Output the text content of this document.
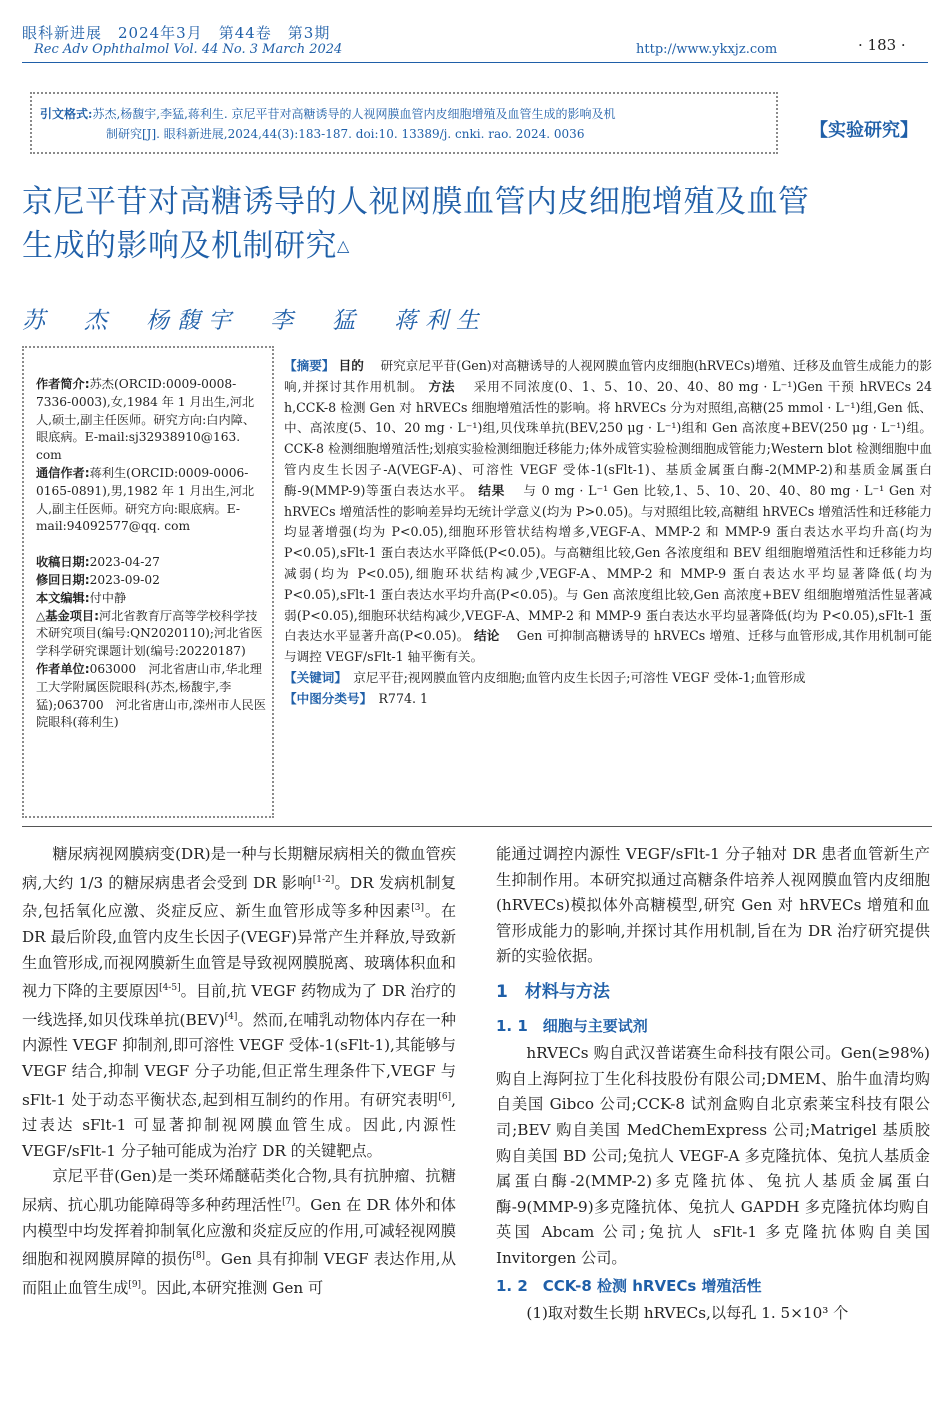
眼科新进展　2024年3月　第44卷　第3期
Rec Adv Ophthalmol Vol. 44 No. 3 March 2024	http://www.ykxjz.com	· 183 ·
引文格式:苏杰,杨馥宇,李猛,蒋利生. 京尼平苷对高糖诱导的人视网膜血管内皮细胞增殖及血管生成的影响及机
制研究[J]. 眼科新进展,2024,44(3):183-187. doi:10. 13389/j. cnki. rao. 2024. 0036	【实验研究】
京尼平苷对高糖诱导的人视网膜血管内皮细胞增殖及血管
生成的影响及机制研究△
苏　杰　杨馥宇　李　猛　蒋利生

作者简介:苏杰(ORCID:0009-0008-7336-0003),女,1984 年 1 月出生,河北人,硕士,副主任医师。研究方向:白内障、眼底病。E-mail:sj32938910@163. com

通信作者:蒋利生(ORCID:0009-0006-0165-0891),男,1982 年 1 月出生,河北人,副主任医师。研究方向:眼底病。E-mail:94092577@qq. com

收稿日期:2023-04-27

修回日期:2023-09-02

本文编辑:付中静

△基金项目:河北省教育厅高等学校科学技术研究项目(编号:QN2020110);河北省医学科学研究课题计划(编号:20220187)

作者单位:063000　河北省唐山市,华北理工大学附属医院眼科(苏杰,杨馥宇,李猛);063700　河北省唐山市,滦州市人民医院眼科(蒋利生)

【摘要】 目的　 研究京尼平苷(Gen)对高糖诱导的人视网膜血管内皮细胞(hRVECs)增殖、迁移及血管生成能力的影响,并探讨其作用机制。 方法　 采用不同浓度(0、1、5、10、20、40、80 mg · L⁻¹)Gen 干预 hRVECs 24 h,CCK-8 检测 Gen 对 hRVECs 细胞增殖活性的影响。将 hRVECs 分为对照组,高糖(25 mmol · L⁻¹)组,Gen 低、中、高浓度(5、10、20 mg · L⁻¹)组,贝伐珠单抗(BEV,250 μg · L⁻¹)组和 Gen 高浓度+BEV(250 μg · L⁻¹)组。CCK-8 检测细胞增殖活性;划痕实验检测细胞迁移能力;体外成管实验检测细胞成管能力;Western blot 检测细胞中血管内皮生长因子-A(VEGF-A)、可溶性 VEGF 受体-1(sFlt-1)、基质金属蛋白酶-2(MMP-2)和基质金属蛋白酶-9(MMP-9)等蛋白表达水平。 结果　 与 0 mg · L⁻¹ Gen 比较,1、5、10、20、40、80 mg · L⁻¹ Gen 对 hRVECs 增殖活性的影响差异均无统计学意义(均为 P>0.05)。与对照组比较,高糖组 hRVECs 增殖活性和迁移能力均显著增强(均为 P<0.05),细胞环形管状结构增多,VEGF-A、MMP-2 和 MMP-9 蛋白表达水平均升高(均为 P<0.05),sFlt-1 蛋白表达水平降低(P<0.05)。与高糖组比较,Gen 各浓度组和 BEV 组细胞增殖活性和迁移能力均减弱(均为 P<0.05),细胞环状结构减少,VEGF-A、MMP-2 和 MMP-9 蛋白表达水平均显著降低(均为 P<0.05),sFlt-1 蛋白表达水平均升高(P<0.05)。与 Gen 高浓度组比较,Gen 高浓度+BEV 组细胞增殖活性显著减弱(P<0.05),细胞环状结构减少,VEGF-A、MMP-2 和 MMP-9 蛋白表达水平均显著降低(均为 P<0.05),sFlt-1 蛋白表达水平显著升高(P<0.05)。 结论　 Gen 可抑制高糖诱导的 hRVECs 增殖、迁移与血管形成,其作用机制可能与调控 VEGF/sFlt-1 轴平衡有关。

【关键词】　 京尼平苷;视网膜血管内皮细胞;血管内皮生长因子;可溶性 VEGF 受体-1;血管形成

【中图分类号】　 R774. 1

糖尿病视网膜病变(DR)是一种与长期糖尿病相关的微血管疾病,大约 1/3 的糖尿病患者会受到 DR 影响[1-2]。DR 发病机制复杂,包括氧化应激、炎症反应、新生血管形成等多种因素[3]。在 DR 最后阶段,血管内皮生长因子(VEGF)异常产生并释放,导致新生血管形成,而视网膜新生血管是导致视网膜脱离、玻璃体积血和视力下降的主要原因[4-5]。目前,抗 VEGF 药物成为了 DR 治疗的一线选择,如贝伐珠单抗(BEV)[4]。然而,在哺乳动物体内存在一种内源性 VEGF 抑制剂,即可溶性 VEGF 受体-1(sFlt-1),其能够与 VEGF 结合,抑制 VEGF 分子功能,但正常生理条件下,VEGF 与 sFlt-1 处于动态平衡状态,起到相互制约的作用。有研究表明[6],过表达 sFlt-1 可显著抑制视网膜血管生成。因此,内源性 VEGF/sFlt-1 分子轴可能成为治疗 DR 的关键靶点。

京尼平苷(Gen)是一类环烯醚萜类化合物,具有抗肿瘤、抗糖尿病、抗心肌功能障碍等多种药理活性[7]。Gen 在 DR 体外和体内模型中均发挥着抑制氧化应激和炎症反应的作用,可减轻视网膜细胞和视网膜屏障的损伤[8]。Gen 具有抑制 VEGF 表达作用,从而阻止血管生成[9]。因此,本研究推测 Gen 可

能通过调控内源性 VEGF/sFlt-1 分子轴对 DR 患者血管新生产生抑制作用。本研究拟通过高糖条件培养人视网膜血管内皮细胞(hRVECs)模拟体外高糖模型,研究 Gen 对 hRVECs 增殖和血管形成能力的影响,并探讨其作用机制,旨在为 DR 治疗研究提供新的实验依据。

1　材料与方法
1. 1　细胞与主要试剂

hRVECs 购自武汉普诺赛生命科技有限公司。Gen(≥98%)购自上海阿拉丁生化科技股份有限公司;DMEM、胎牛血清均购自美国 Gibco 公司;CCK-8 试剂盒购自北京索莱宝科技有限公司;BEV 购自美国 MedChemExpress 公司;Matrigel 基质胶购自美国 BD 公司;兔抗人 VEGF-A 多克隆抗体、兔抗人基质金属蛋白酶-2(MMP-2)多克隆抗体、兔抗人基质金属蛋白酶-9(MMP-9)多克隆抗体、兔抗人 GAPDH 多克隆抗体均购自英国 Abcam 公司;兔抗人 sFlt-1 多克隆抗体购自美国 Invitorgen 公司。

1. 2　CCK-8 检测 hRVECs 增殖活性

(1)取对数生长期 hRVECs,以每孔 1. 5×10³ 个
